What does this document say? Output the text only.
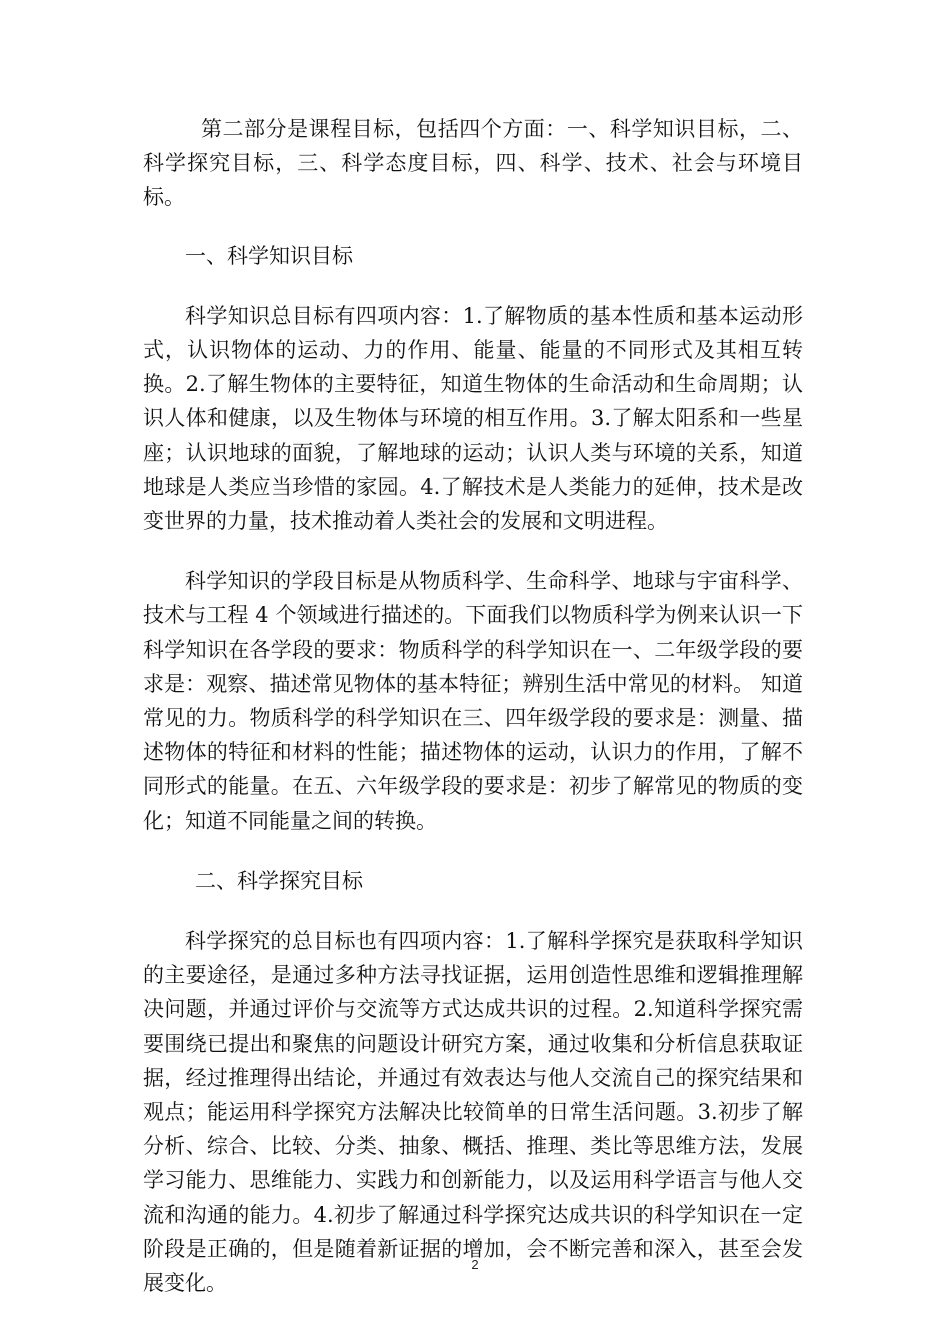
第二部分是课程目标，包括四个方面：一、科学知识目标，二、科学探究目标，三、科学态度目标，四、科学、技术、社会与环境目标。

一、科学知识目标

科学知识总目标有四项内容：1.了解物质的基本性质和基本运动形式，认识物体的运动、力的作用、能量、能量的不同形式及其相互转换。2.了解生物体的主要特征，知道生物体的生命活动和生命周期；认识人体和健康，以及生物体与环境的相互作用。3.了解太阳系和一些星座；认识地球的面貌，了解地球的运动；认识人类与环境的关系，知道地球是人类应当珍惜的家园。4.了解技术是人类能力的延伸，技术是改变世界的力量，技术推动着人类社会的发展和文明进程。

科学知识的学段目标是从物质科学、生命科学、地球与宇宙科学、技术与工程 4 个领域进行描述的。下面我们以物质科学为例来认识一下科学知识在各学段的要求：物质科学的科学知识在一、二年级学段的要求是：观察、描述常见物体的基本特征；辨别生活中常见的材料。 知道常见的力。物质科学的科学知识在三、四年级学段的要求是：测量、描述物体的特征和材料的性能；描述物体的运动，认识力的作用，了解不同形式的能量。在五、六年级学段的要求是：初步了解常见的物质的变化；知道不同能量之间的转换。

二、科学探究目标

科学探究的总目标也有四项内容：1.了解科学探究是获取科学知识的主要途径，是通过多种方法寻找证据，运用创造性思维和逻辑推理解决问题，并通过评价与交流等方式达成共识的过程。2.知道科学探究需要围绕已提出和聚焦的问题设计研究方案，通过收集和分析信息获取证据，经过推理得出结论，并通过有效表达与他人交流自己的探究结果和观点；能运用科学探究方法解决比较简单的日常生活问题。3.初步了解分析、综合、比较、分类、抽象、概括、推理、类比等思维方法，发展学习能力、思维能力、实践力和创新能力，以及运用科学语言与他人交流和沟通的能力。4.初步了解通过科学探究达成共识的科学知识在一定阶段是正确的，但是随着新证据的增加，会不断完善和深入，甚至会发展变化。

2
